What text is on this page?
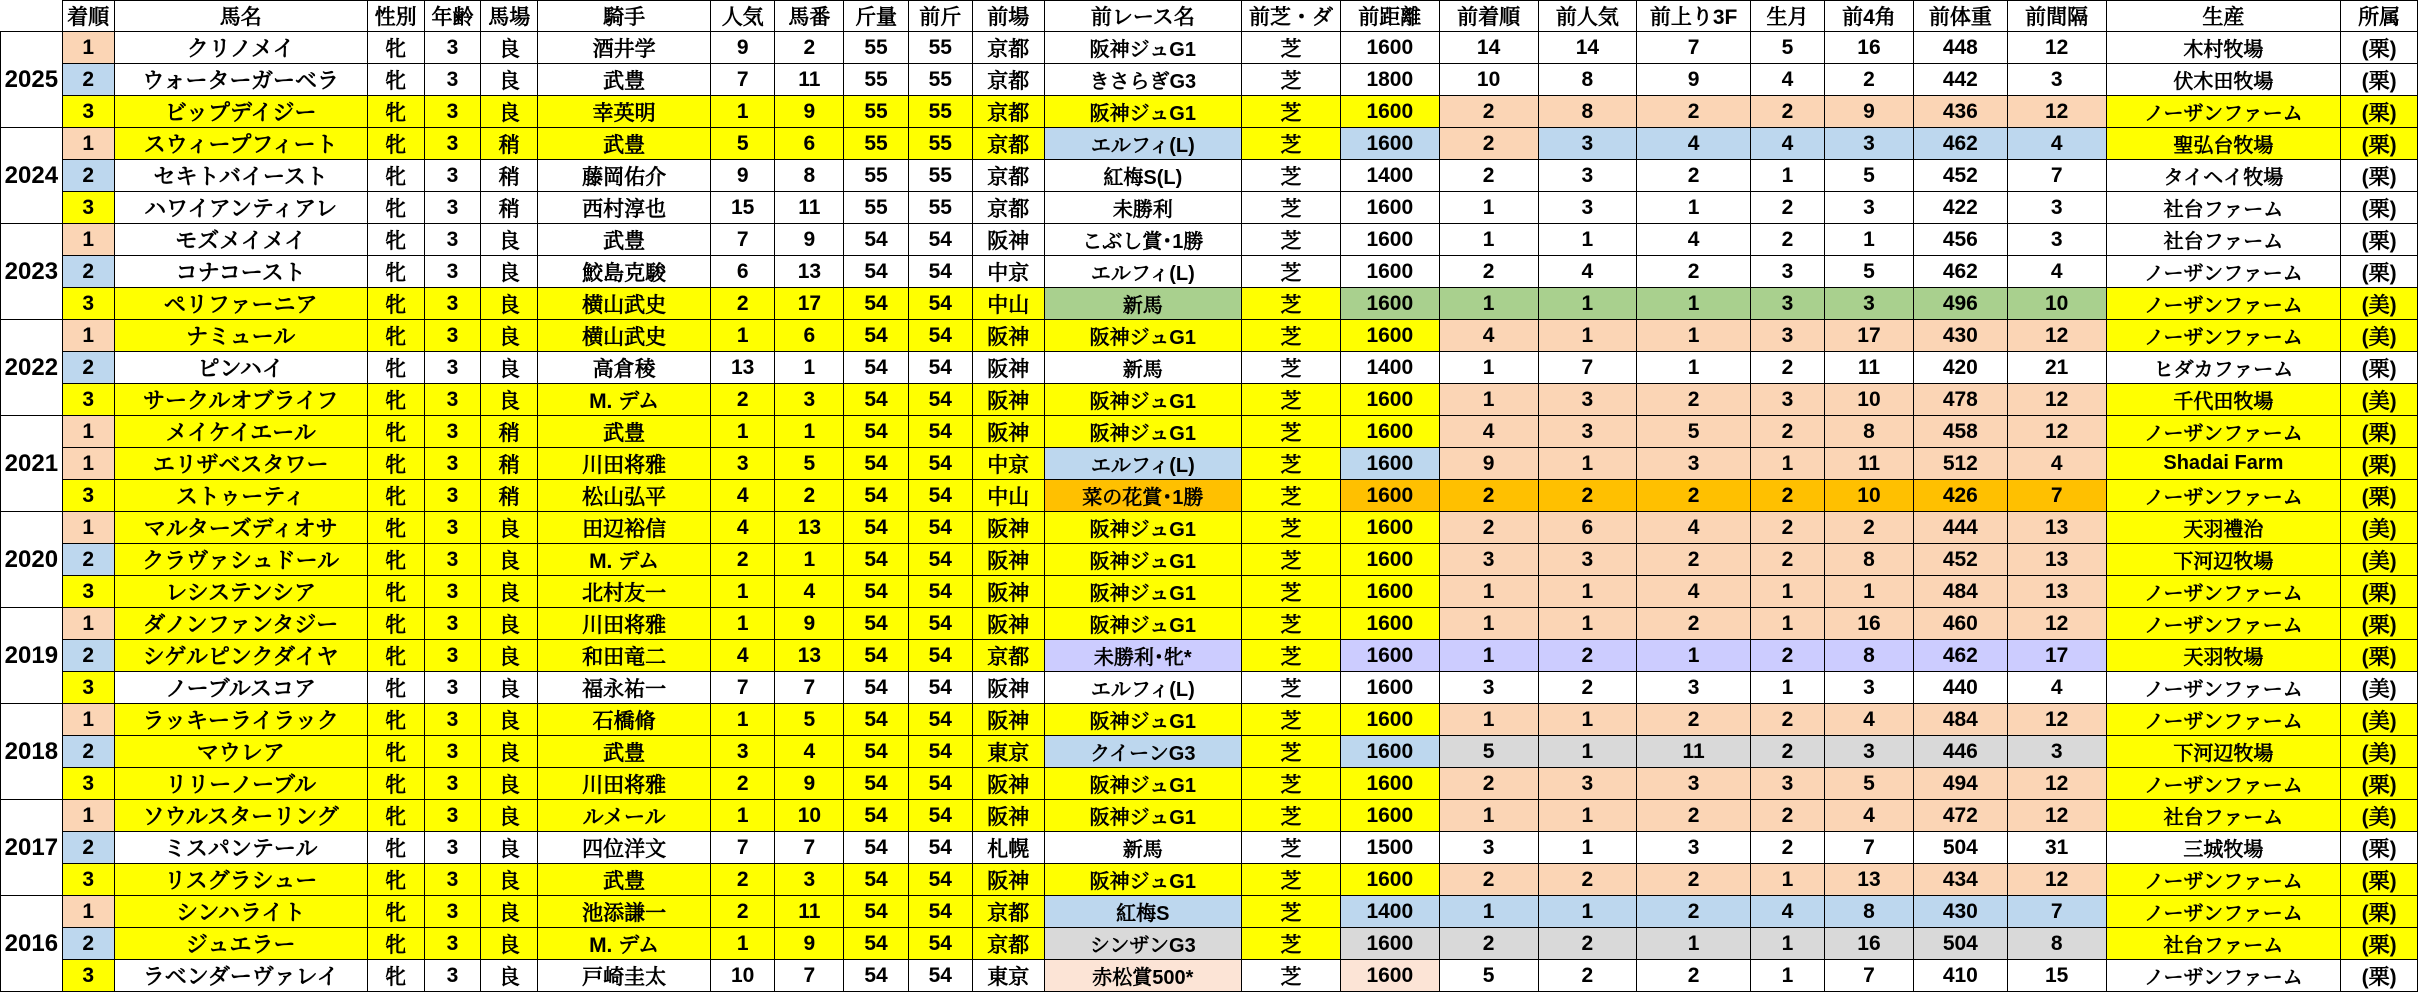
	着順	馬名	性別	年齢	馬場	騎手	人気	馬番	斤量	前斤	前場	前レース名	前芝・ダ	前距離	前着順	前人気	前上り3F	生月	前4角	前体重	前間隔	生産	所属
2025	1	クリノメイ	牝	3	良	酒井学	9	2	55	55	京都	阪神ジュG1	芝	1600	14	14	7	5	16	448	12	木村牧場	(栗)
	2	ウォーターガーベラ	牝	3	良	武豊	7	11	55	55	京都	きさらぎG3	芝	1800	10	8	9	4	2	442	3	伏木田牧場	(栗)
	3	ビップデイジー	牝	3	良	幸英明	1	9	55	55	京都	阪神ジュG1	芝	1600	2	8	2	2	9	436	12	ノーザンファーム	(栗)
2024	1	スウィープフィート	牝	3	稍	武豊	5	6	55	55	京都	エルフィ(L)	芝	1600	2	3	4	4	3	462	4	聖弘台牧場	(栗)
	2	セキトバイースト	牝	3	稍	藤岡佑介	9	8	55	55	京都	紅梅S(L)	芝	1400	2	3	2	1	5	452	7	タイヘイ牧場	(栗)
	3	ハワイアンティアレ	牝	3	稍	西村淳也	15	11	55	55	京都	未勝利	芝	1600	1	3	1	2	3	422	3	社台ファーム	(栗)
2023	1	モズメイメイ	牝	3	良	武豊	7	9	54	54	阪神	こぶし賞･1勝	芝	1600	1	1	4	2	1	456	3	社台ファーム	(栗)
	2	コナコースト	牝	3	良	鮫島克駿	6	13	54	54	中京	エルフィ(L)	芝	1600	2	4	2	3	5	462	4	ノーザンファーム	(栗)
	3	ペリファーニア	牝	3	良	横山武史	2	17	54	54	中山	新馬	芝	1600	1	1	1	3	3	496	10	ノーザンファーム	(美)
2022	1	ナミュール	牝	3	良	横山武史	1	6	54	54	阪神	阪神ジュG1	芝	1600	4	1	1	3	17	430	12	ノーザンファーム	(美)
	2	ピンハイ	牝	3	良	高倉稜	13	1	54	54	阪神	新馬	芝	1400	1	7	1	2	11	420	21	ヒダカファーム	(栗)
	3	サークルオブライフ	牝	3	良	M. デム	2	3	54	54	阪神	阪神ジュG1	芝	1600	1	3	2	3	10	478	12	千代田牧場	(美)
2021	1	メイケイエール	牝	3	稍	武豊	1	1	54	54	阪神	阪神ジュG1	芝	1600	4	3	5	2	8	458	12	ノーザンファーム	(栗)
	1	エリザベスタワー	牝	3	稍	川田将雅	3	5	54	54	中京	エルフィ(L)	芝	1600	9	1	3	1	11	512	4	Shadai Farm	(栗)
	3	ストゥーティ	牝	3	稍	松山弘平	4	2	54	54	中山	菜の花賞･1勝	芝	1600	2	2	2	2	10	426	7	ノーザンファーム	(栗)
2020	1	マルターズディオサ	牝	3	良	田辺裕信	4	13	54	54	阪神	阪神ジュG1	芝	1600	2	6	4	2	2	444	13	天羽禮治	(美)
	2	クラヴァシュドール	牝	3	良	M. デム	2	1	54	54	阪神	阪神ジュG1	芝	1600	3	3	2	2	8	452	13	下河辺牧場	(美)
	3	レシステンシア	牝	3	良	北村友一	1	4	54	54	阪神	阪神ジュG1	芝	1600	1	1	4	1	1	484	13	ノーザンファーム	(栗)
2019	1	ダノンファンタジー	牝	3	良	川田将雅	1	9	54	54	阪神	阪神ジュG1	芝	1600	1	1	2	1	16	460	12	ノーザンファーム	(栗)
	2	シゲルピンクダイヤ	牝	3	良	和田竜二	4	13	54	54	京都	未勝利･牝*	芝	1600	1	2	1	2	8	462	17	天羽牧場	(栗)
	3	ノーブルスコア	牝	3	良	福永祐一	7	7	54	54	阪神	エルフィ(L)	芝	1600	3	2	3	1	3	440	4	ノーザンファーム	(美)
2018	1	ラッキーライラック	牝	3	良	石橋脩	1	5	54	54	阪神	阪神ジュG1	芝	1600	1	1	2	2	4	484	12	ノーザンファーム	(美)
	2	マウレア	牝	3	良	武豊	3	4	54	54	東京	クイーンG3	芝	1600	5	1	11	2	3	446	3	下河辺牧場	(美)
	3	リリーノーブル	牝	3	良	川田将雅	2	9	54	54	阪神	阪神ジュG1	芝	1600	2	3	3	3	5	494	12	ノーザンファーム	(栗)
2017	1	ソウルスターリング	牝	3	良	ルメール	1	10	54	54	阪神	阪神ジュG1	芝	1600	1	1	2	2	4	472	12	社台ファーム	(美)
	2	ミスパンテール	牝	3	良	四位洋文	7	7	54	54	札幌	新馬	芝	1500	3	1	3	2	7	504	31	三城牧場	(栗)
	3	リスグラシュー	牝	3	良	武豊	2	3	54	54	阪神	阪神ジュG1	芝	1600	2	2	2	1	13	434	12	ノーザンファーム	(栗)
2016	1	シンハライト	牝	3	良	池添謙一	2	11	54	54	京都	紅梅S	芝	1400	1	1	2	4	8	430	7	ノーザンファーム	(栗)
	2	ジュエラー	牝	3	良	M. デム	1	9	54	54	京都	シンザンG3	芝	1600	2	2	1	1	16	504	8	社台ファーム	(栗)
	3	ラベンダーヴァレイ	牝	3	良	戸崎圭太	10	7	54	54	東京	赤松賞500*	芝	1600	5	2	2	1	7	410	15	ノーザンファーム	(栗)
